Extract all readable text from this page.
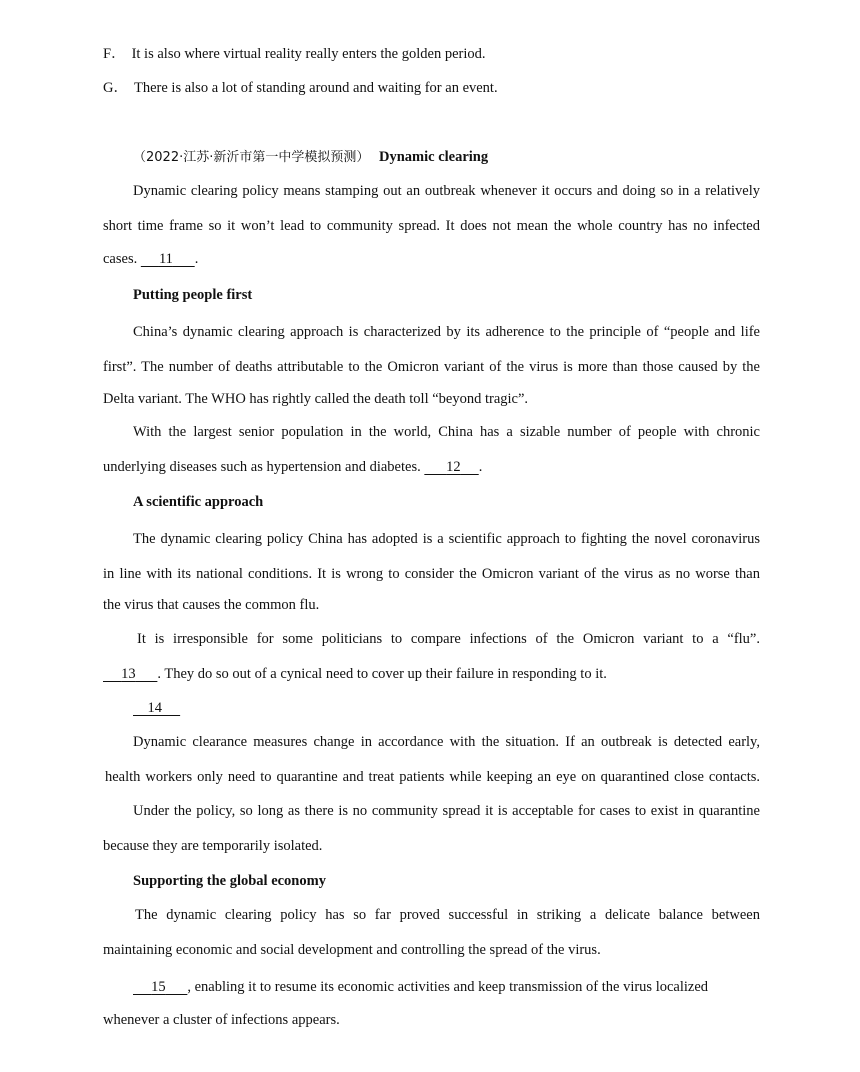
F． It is also where virtual reality really enters the golden period.
G． There is also a lot of standing around and waiting for an event.
（2022·江苏·新沂市第一中学模拟预测） Dynamic clearing
Dynamic clearing policy means stamping out an outbreak whenever it occurs and doing so in a relatively
short time frame so it won’t lead to community spread. It does not mean the whole country has no infected
cases. 11 .
Putting people first
China’s dynamic clearing approach is characterized by its adherence to the principle of “people and life
first”. The number of deaths attributable to the Omicron variant of the virus is more than those caused by the
Delta variant. The WHO has rightly called the death toll “beyond tragic”.
With the largest senior population in the world, China has a sizable number of people with chronic
underlying diseases such as hypertension and diabetes. 12 .
A scientific approach
The dynamic clearing policy China has adopted is a scientific approach to fighting the novel coronavirus
in line with its national conditions. It is wrong to consider the Omicron variant of the virus as no worse than
the virus that causes the common flu.
It is irresponsible for some politicians to compare infections of the Omicron variant to a “flu”.
13 . They do so out of a cynical need to cover up their failure in responding to it.
14
Dynamic clearance measures change in accordance with the situation. If an outbreak is detected early,
health workers only need to quarantine and treat patients while keeping an eye on quarantined close contacts.
Under the policy, so long as there is no community spread it is acceptable for cases to exist in quarantine
because they are temporarily isolated.
Supporting the global economy
The dynamic clearing policy has so far proved successful in striking a delicate balance between
maintaining economic and social development and controlling the spread of the virus.
15 , enabling it to resume its economic activities and keep transmission of the virus localized
whenever a cluster of infections appears.
